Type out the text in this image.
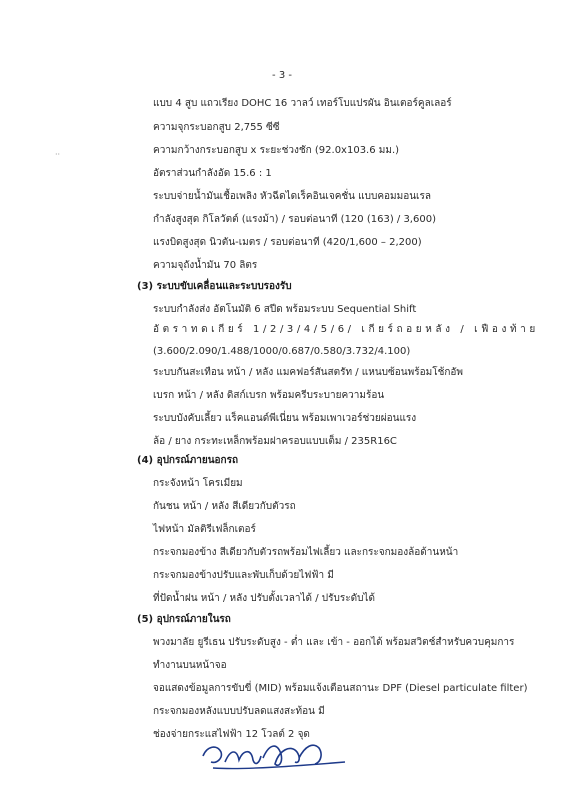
- 3 -
··
แบบ 4 สูบ แถวเรียง DOHC 16 วาลว์ เทอร์โบแปรผัน อินเตอร์คูลเลอร์
ความจุกระบอกสูบ 2,755 ซีซี
ความกว้างกระบอกสูบ x ระยะช่วงชัก (92.0x103.6 มม.)
อัตราส่วนกำลังอัด 15.6 : 1
ระบบจ่ายน้ำมันเชื้อเพลิง หัวฉีดไดเร็คอินเจคชั่น แบบคอมมอนเรล
กำลังสูงสุด กิโลวัตต์ (แรงม้า) / รอบต่อนาที (120 (163) / 3,600)
แรงบิดสูงสุด นิวตัน-เมตร / รอบต่อนาที (420/1,600 – 2,200)
ความจุถังน้ำมัน 70 ลิตร
(3) ระบบขับเคลื่อนและระบบรองรับ
ระบบกำลังส่ง อัตโนมัติ 6 สปีด พร้อมระบบ Sequential Shift
อัตราทดเกียร์ 1/2/3/4/5/6/ เกียร์ถอยหลัง / เฟืองท้าย
(3.600/2.090/1.488/1000/0.687/0.580/3.732/4.100)
ระบบกันสะเทือน หน้า / หลัง แมคฟอร์สันสตรัท / แหนบซ้อนพร้อมโช้กอัพ
เบรก หน้า / หลัง ดิสก์เบรก พร้อมครีบระบายความร้อน
ระบบบังคับเลี้ยว แร็คแอนด์พีเนี่ยน พร้อมเพาเวอร์ช่วยผ่อนแรง
ล้อ / ยาง กระทะเหล็กพร้อมฝาครอบแบบเต็ม / 235R16C
(4) อุปกรณ์ภายนอกรถ
กระจังหน้า โครเมียม
กันชน หน้า / หลัง สีเดียวกับตัวรถ
ไฟหน้า มัลติรีเฟล็กเตอร์
กระจกมองข้าง สีเดียวกับตัวรถพร้อมไฟเลี้ยว และกระจกมองล้อด้านหน้า
กระจกมองข้างปรับและพับเก็บด้วยไฟฟ้า มี
ที่ปัดน้ำฝน หน้า / หลัง ปรับตั้งเวลาได้ / ปรับระดับได้
(5) อุปกรณ์ภายในรถ
พวงมาลัย ยูรีเธน ปรับระดับสูง - ต่ำ และ เข้า - ออกได้ พร้อมสวิตช์สำหรับควบคุมการ
ทำงานบนหน้าจอ
จอแสดงข้อมูลการขับขี่ (MID) พร้อมแจ้งเตือนสถานะ DPF (Diesel particulate filter)
กระจกมองหลังแบบปรับลดแสงสะท้อน มี
ช่องจ่ายกระแสไฟฟ้า 12 โวลต์ 2 จุด
